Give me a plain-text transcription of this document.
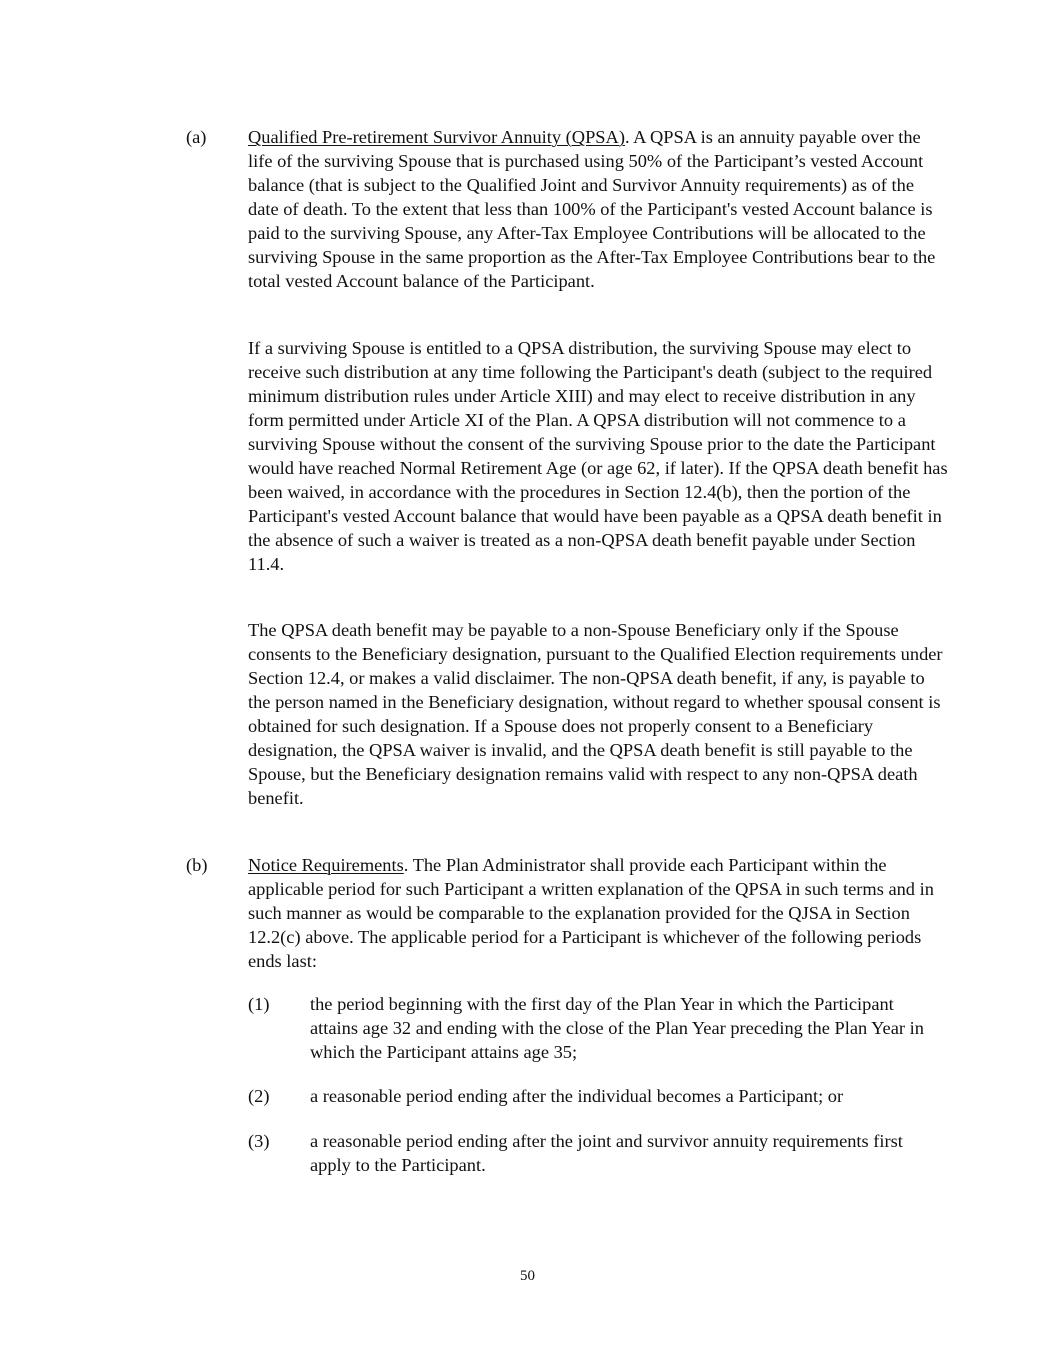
(a) Qualified Pre-retirement Survivor Annuity (QPSA). A QPSA is an annuity payable over the life of the surviving Spouse that is purchased using 50% of the Participant’s vested Account balance (that is subject to the Qualified Joint and Survivor Annuity requirements) as of the date of death. To the extent that less than 100% of the Participant's vested Account balance is paid to the surviving Spouse, any After-Tax Employee Contributions will be allocated to the surviving Spouse in the same proportion as the After-Tax Employee Contributions bear to the total vested Account balance of the Participant.

If a surviving Spouse is entitled to a QPSA distribution, the surviving Spouse may elect to receive such distribution at any time following the Participant's death (subject to the required minimum distribution rules under Article XIII) and may elect to receive distribution in any form permitted under Article XI of the Plan. A QPSA distribution will not commence to a surviving Spouse without the consent of the surviving Spouse prior to the date the Participant would have reached Normal Retirement Age (or age 62, if later). If the QPSA death benefit has been waived, in accordance with the procedures in Section 12.4(b), then the portion of the Participant's vested Account balance that would have been payable as a QPSA death benefit in the absence of such a waiver is treated as a non-QPSA death benefit payable under Section 11.4.

The QPSA death benefit may be payable to a non-Spouse Beneficiary only if the Spouse consents to the Beneficiary designation, pursuant to the Qualified Election requirements under Section 12.4, or makes a valid disclaimer. The non-QPSA death benefit, if any, is payable to the person named in the Beneficiary designation, without regard to whether spousal consent is obtained for such designation. If a Spouse does not properly consent to a Beneficiary designation, the QPSA waiver is invalid, and the QPSA death benefit is still payable to the Spouse, but the Beneficiary designation remains valid with respect to any non-QPSA death benefit.

(b) Notice Requirements. The Plan Administrator shall provide each Participant within the applicable period for such Participant a written explanation of the QPSA in such terms and in such manner as would be comparable to the explanation provided for the QJSA in Section 12.2(c) above. The applicable period for a Participant is whichever of the following periods ends last:

(1) the period beginning with the first day of the Plan Year in which the Participant attains age 32 and ending with the close of the Plan Year preceding the Plan Year in which the Participant attains age 35;

(2) a reasonable period ending after the individual becomes a Participant; or

(3) a reasonable period ending after the joint and survivor annuity requirements first apply to the Participant.

50
